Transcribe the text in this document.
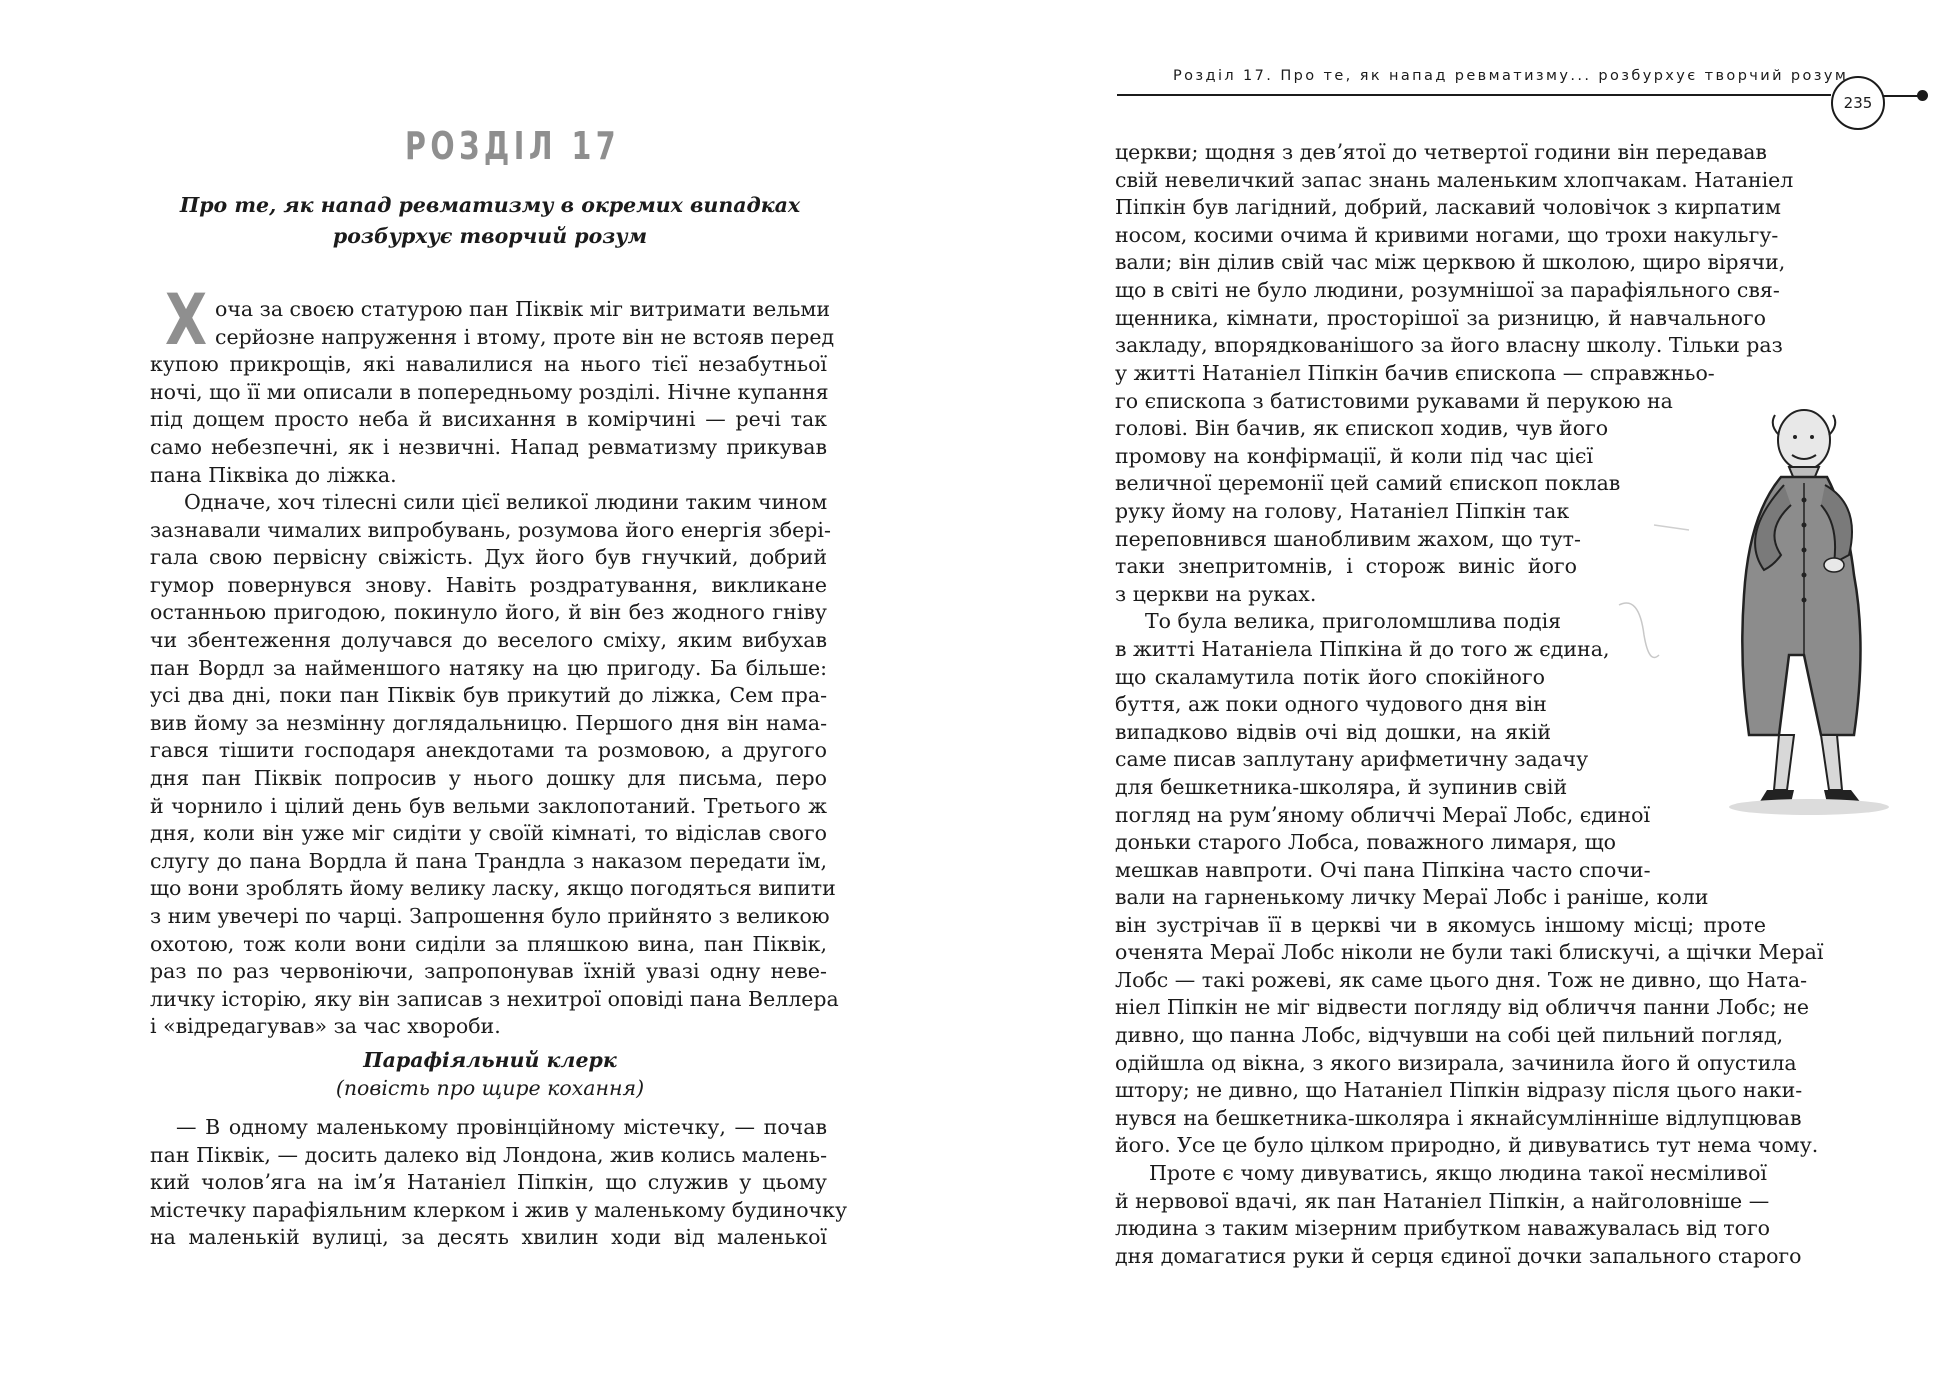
РОЗДІЛ 17
Про те, як напад ревматизму в окремих випадках
розбурхує творчий розум
Х оча за своєю статурою пан Піквік міг витримати вельми
серйозне напруження і втому, проте він не встояв перед
купою прикрощів, які навалилися на нього тієї незабутньої
ночі, що її ми описали в попередньому розділі. Нічне купання
під дощем просто неба й висихання в комірчині — речі так
само небезпечні, як і незвичні. Напад ревматизму прикував
пана Піквіка до ліжка.
Одначе, хоч тілесні сили цієї великої людини таким чином
зазнавали чималих випробувань, розумова його енергія зберi-
гала свою первісну свіжість. Дух його був гнучкий, добрий
гумор повернувся знову. Навіть роздратування, викликане
останньою пригодою, покинуло його, й він без жодного гніву
чи збентеження долучався до веселого сміху, яким вибухав
пан Вордл за найменшого натяку на цю пригоду. Ба більше:
усі два дні, поки пан Піквік був прикутий до ліжка, Сем пра-
вив йому за незмінну доглядальницю. Першого дня він нама-
гався тішити господаря анекдотами та розмовою, а другого
дня пан Піквік попросив у нього дошку для письма, перо
й чорнило і цілий день був вельми заклопотаний. Третього ж
дня, коли він уже міг сидіти у своїй кімнаті, то відіслав свого
слугу до пана Вордла й пана Трандла з наказом передати їм,
що вони зроблять йому велику ласку, якщо погодяться випити
з ним увечері по чарці. Запрошення було прийнято з великою
охотою, тож коли вони сиділи за пляшкою вина, пан Піквік,
раз по раз червоніючи, запропонував їхній увазі одну неве-
личку історію, яку він записав з нехитрої оповіді пана Веллера
і «відредагував» за час хвороби.
Парафіяльний клерк
(повість про щире кохання)
— В одному маленькому провінційному містечку, — почав
пан Піквік, — досить далеко від Лондона, жив колись малень-
кий чоловʼяга на імʼя Натаніел Піпкін, що служив у цьому
містечку парафіяльним клерком і жив у маленькому будиночку
на маленькій вулиці, за десять хвилин ходи від маленької
Розділ 17. Про те, як напад ревматизму... розбурхує творчий розум
235
церкви; щодня з девʼятої до четвертої години він передавав
свій невеличкий запас знань маленьким хлопчакам. Натаніел
Піпкін був лагідний, добрий, ласкавий чоловічок з кирпатим
носом, косими очима й кривими ногами, що трохи накульгу-
вали; він ділив свій час між церквою й школою, щиро вірячи,
що в світі не було людини, розумнішої за парафіяльного свя-
щенника, кімнати, просторішої за ризницю, й навчального
закладу, впорядкованішого за його власну школу. Тільки раз
у житті Натаніел Піпкін бачив єпископа — справжньо-
го єпископа з батистовими рукавами й перукою на
голові. Він бачив, як єпископ ходив, чув його
промову на конфірмації, й коли під час цієї
величної церемонії цей самий єпископ поклав
руку йому на голову, Натаніел Піпкін так
переповнився шанобливим жахом, що тут-
таки знепритомнів, і сторож виніс його
з церкви на руках.
То була велика, приголомшлива подія
в житті Натаніела Піпкіна й до того ж єдина,
що скаламутила потік його спокійного
буття, аж поки одного чудового дня він
випадково відвів очі від дошки, на якій
саме писав заплутану арифметичну задачу
для бешкетника-школяра, й зупинив свій
погляд на румʼяному обличчі Мераї Лобс, єдиної
доньки старого Лобса, поважного лимаря, що
мешкав навпроти. Очі пана Піпкіна часто спочи-
вали на гарненькому личку Мераї Лобс і раніше, коли
він зустрічав її в церкві чи в якомусь іншому місці; проте
оченята Мераї Лобс ніколи не були такі блискучі, а щічки Мераї
Лобс — такі рожеві, як саме цього дня. Тож не дивно, що Ната-
ніел Піпкін не міг відвести погляду від обличчя панни Лобс; не
дивно, що панна Лобс, відчувши на собі цей пильний погляд,
одійшла од вікна, з якого визирала, зачинила його й опустила
штору; не дивно, що Натаніел Піпкін відразу після цього наки-
нувся на бешкетника-школяра і якнайсумлінніше відлупцював
його. Усе це було цілком природно, й дивуватись тут нема чому.
Проте є чому дивуватись, якщо людина такої несміливої
й нервової вдачі, як пан Натаніел Піпкін, а найголовніше —
людина з таким мізерним прибутком наважувалась від того
дня домагатися руки й серця єдиної дочки запального старого
